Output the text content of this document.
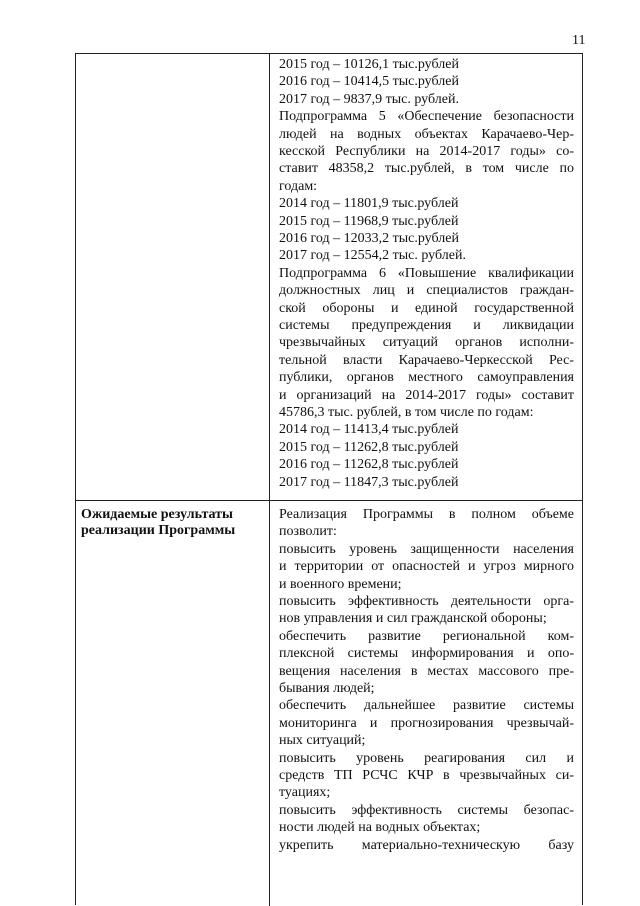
11
2015 год – 10126,1 тыс.рублей
2016 год – 10414,5 тыс.рублей
2017 год – 9837,9 тыс. рублей.
Подпрограмма 5 «Обеспечение безопасности
людей на водных объектах Карачаево-Чер-
кесской Республики на 2014-2017 годы» со-
ставит 48358,2 тыс.рублей, в том числе по
годам:
2014 год – 11801,9 тыс.рублей
2015 год – 11968,9 тыс.рублей
2016 год – 12033,2 тыс.рублей
2017 год – 12554,2 тыс. рублей.
Подпрограмма 6 «Повышение квалификации
должностных лиц и специалистов граждан-
ской обороны и единой государственной
системы предупреждения и ликвидации
чрезвычайных ситуаций органов исполни-
тельной власти Карачаево-Черкесской Рес-
публики, органов местного самоуправления
и организаций на 2014-2017 годы» составит
45786,3 тыс. рублей, в том числе по годам:
2014 год – 11413,4 тыс.рублей
2015 год – 11262,8 тыс.рублей
2016 год – 11262,8 тыс.рублей
2017 год – 11847,3 тыс.рублей
Ожидаемые результаты
реализации Программы
Реализация Программы в полном объеме
позволит:
повысить уровень защищенности населения
и территории от опасностей и угроз мирного
и военного времени;
повысить эффективность деятельности орга-
нов управления и сил гражданской обороны;
обеспечить развитие региональной ком-
плексной системы информирования и опо-
вещения населения в местах массового пре-
бывания людей;
обеспечить дальнейшее развитие системы
мониторинга и прогнозирования чрезвычай-
ных ситуаций;
повысить уровень реагирования сил и
средств ТП РСЧС КЧР в чрезвычайных си-
туациях;
повысить эффективность системы безопас-
ности людей на водных объектах;
укрепить материально-техническую базу
